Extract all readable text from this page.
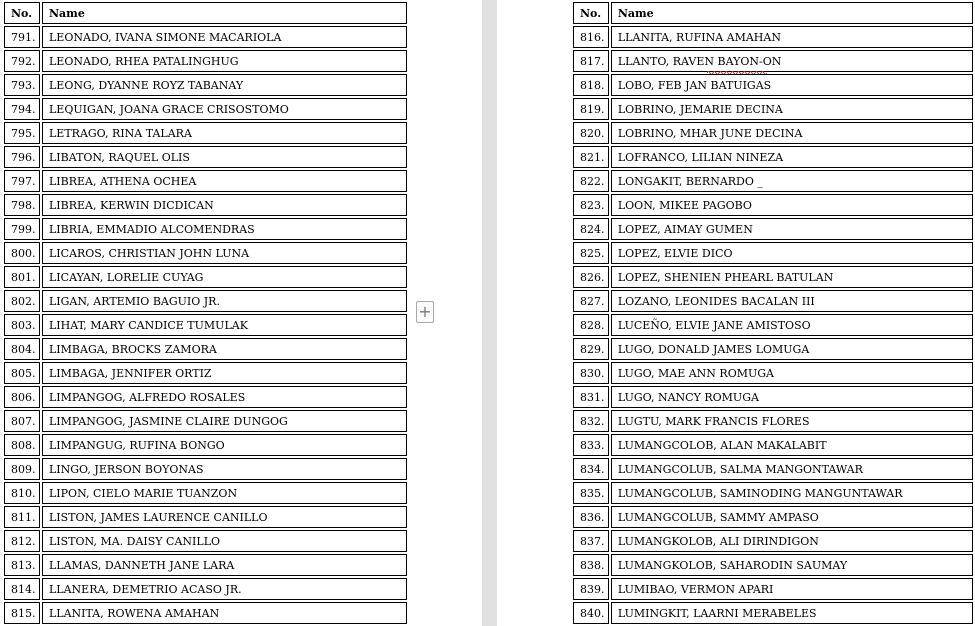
No.	Name
791.	LEONADO, IVANA SIMONE MACARIOLA
792.	LEONADO, RHEA PATALINGHUG
793.	LEONG, DYANNE ROYZ TABANAY
794.	LEQUIGAN, JOANA GRACE CRISOSTOMO
795.	LETRAGO, RINA TALARA
796.	LIBATON, RAQUEL OLIS
797.	LIBREA, ATHENA OCHEA
798.	LIBREA, KERWIN DICDICAN
799.	LIBRIA, EMMADIO ALCOMENDRAS
800.	LICAROS, CHRISTIAN JOHN LUNA
801.	LICAYAN, LORELIE CUYAG
802.	LIGAN, ARTEMIO BAGUIO JR.
803.	LIHAT, MARY CANDICE TUMULAK
804.	LIMBAGA, BROCKS ZAMORA
805.	LIMBAGA, JENNIFER ORTIZ
806.	LIMPANGOG, ALFREDO ROSALES
807.	LIMPANGOG, JASMINE CLAIRE DUNGOG
808.	LIMPANGUG, RUFINA BONGO
809.	LINGO, JERSON BOYONAS
810.	LIPON, CIELO MARIE TUANZON
811.	LISTON, JAMES LAURENCE CANILLO
812.	LISTON, MA. DAISY CANILLO
813.	LLAMAS, DANNETH JANE LARA
814.	LLANERA, DEMETRIO ACASO JR.
815.	LLANITA, ROWENA AMAHAN
+
No.	Name
816.	LLANITA, RUFINA AMAHAN
817.	LLANTO, RAVEN BAYON-ON
818.	LOBO, FEB JAN BATUIGAS
819.	LOBRINO, JEMARIE DECINA
820.	LOBRINO, MHAR JUNE DECINA
821.	LOFRANCO, LILIAN NINEZA
822.	LONGAKIT, BERNARDO _
823.	LOON, MIKEE PAGOBO
824.	LOPEZ, AIMAY GUMEN
825.	LOPEZ, ELVIE DICO
826.	LOPEZ, SHENIEN PHEARL BATULAN
827.	LOZANO, LEONIDES BACALAN III
828.	LUCEÑO, ELVIE JANE AMISTOSO
829.	LUGO, DONALD JAMES LOMUGA
830.	LUGO, MAE ANN ROMUGA
831.	LUGO, NANCY ROMUGA
832.	LUGTU, MARK FRANCIS FLORES
833.	LUMANGCOLOB, ALAN MAKALABIT
834.	LUMANGCOLUB, SALMA MANGONTAWAR
835.	LUMANGCOLUB, SAMINODING MANGUNTAWAR
836.	LUMANGCOLUB, SAMMY AMPASO
837.	LUMANGKOLOB, ALI DIRINDIGON
838.	LUMANGKOLOB, SAHARODIN SAUMAY
839.	LUMIBAO, VERMON APARI
840.	LUMINGKIT, LAARNI MERABELES
